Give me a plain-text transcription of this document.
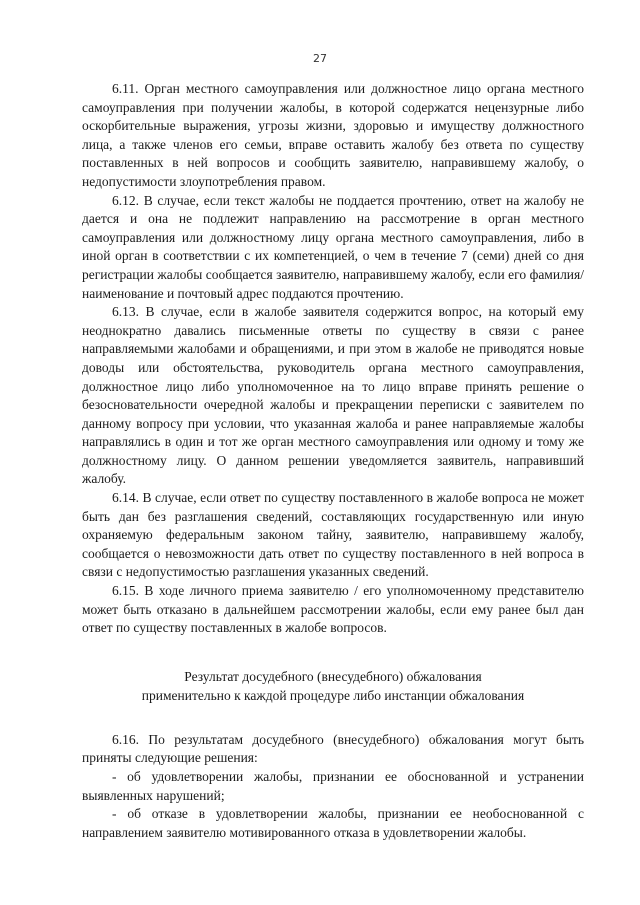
27

6.11. Орган местного самоуправления или должностное лицо органа местного самоуправления при получении жалобы, в которой содержатся нецензурные либо оскорбительные выражения, угрозы жизни, здоровью и имуществу должностного лица, а также членов его семьи, вправе оставить жалобу без ответа по существу поставленных в ней вопросов и сообщить заявителю, направившему жалобу, о недопустимости злоупотребления правом.

6.12. В случае, если текст жалобы не поддается прочтению, ответ на жалобу не дается и она не подлежит направлению на рассмотрение в орган местного самоуправления или должностному лицу органа местного самоуправления, либо в иной орган в соответствии с их компетенцией, о чем в течение 7 (семи) дней со дня регистрации жалобы сообщается заявителю, направившему жалобу, если его фамилия/наименование и почтовый адрес поддаются прочтению.

6.13. В случае, если в жалобе заявителя содержится вопрос, на который ему неоднократно давались письменные ответы по существу в связи с ранее направляемыми жалобами и обращениями, и при этом в жалобе не приводятся новые доводы или обстоятельства, руководитель органа местного самоуправления, должностное лицо либо уполномоченное на то лицо вправе принять решение о безосновательности очередной жалобы и прекращении переписки с заявителем по данному вопросу при условии, что указанная жалоба и ранее направляемые жалобы направлялись в один и тот же орган местного самоуправления или одному и тому же должностному лицу. О данном решении уведомляется заявитель, направивший жалобу.

6.14. В случае, если ответ по существу поставленного в жалобе вопроса не может быть дан без разглашения сведений, составляющих государственную или иную охраняемую федеральным законом тайну, заявителю, направившему жалобу, сообщается о невозможности дать ответ по существу поставленного в ней вопроса в связи с недопустимостью разглашения указанных сведений.

6.15. В ходе личного приема заявителю / его уполномоченному представителю может быть отказано в дальнейшем рассмотрении жалобы, если ему ранее был дан ответ по существу поставленных в жалобе вопросов.

Результат досудебного (внесудебного) обжалования
применительно к каждой процедуре либо инстанции обжалования

6.16. По результатам досудебного (внесудебного) обжалования могут быть приняты следующие решения:

- об удовлетворении жалобы, признании ее обоснованной и устранении выявленных нарушений;

- об отказе в удовлетворении жалобы, признании ее необоснованной с направлением заявителю мотивированного отказа в удовлетворении жалобы.
